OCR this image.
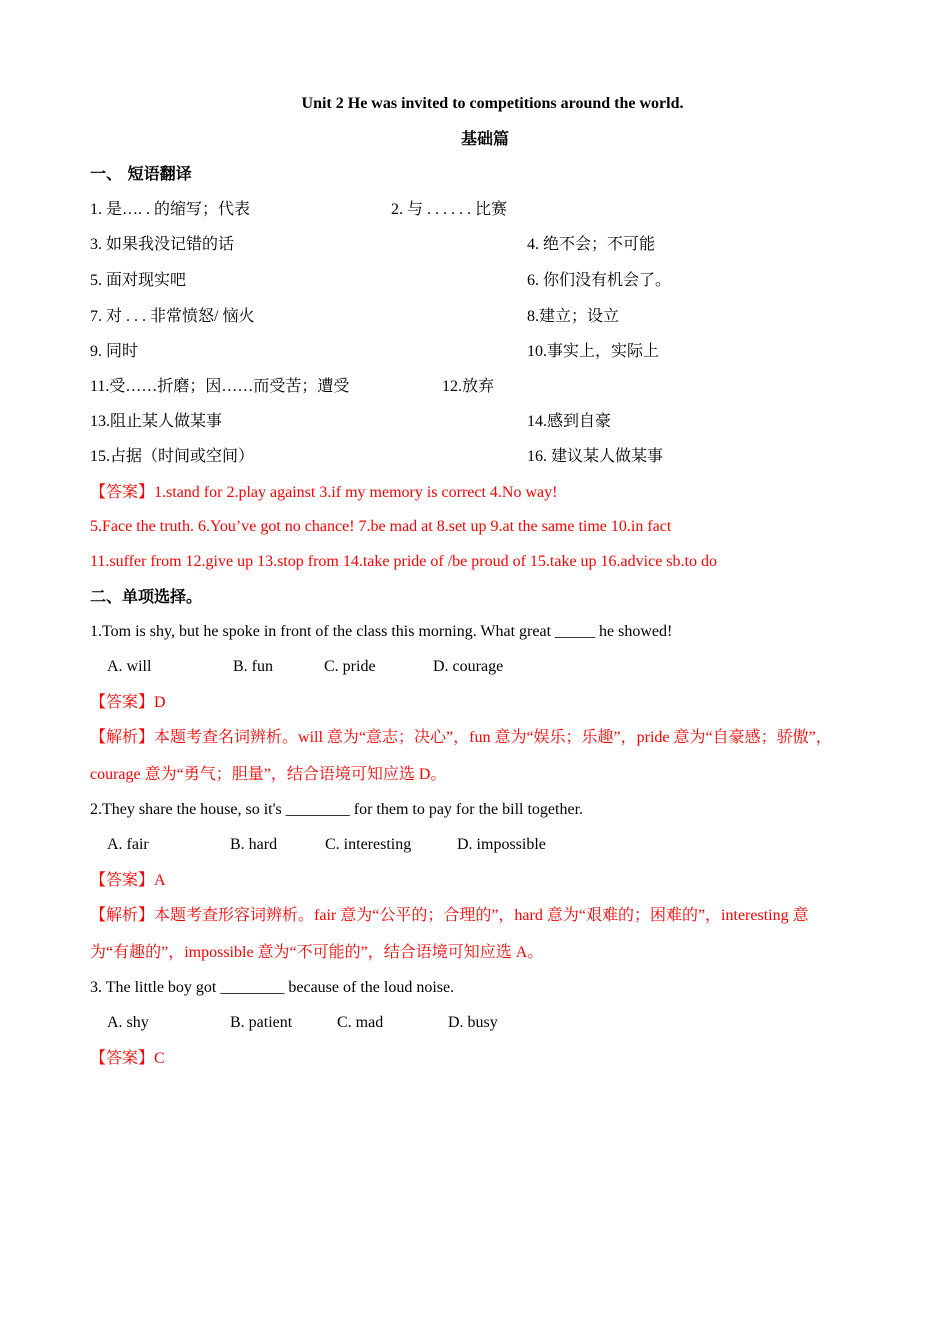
Unit 2 He was invited to competitions around the world.
基础篇
一、 短语翻译
1. 是…. . 的缩写；代表	2. 与 . . . . . . 比赛
3. 如果我没记错的话	4. 绝不会；不可能
5. 面对现实吧	6. 你们没有机会了。
7. 对 . . . 非常愤怒/ 恼火	8.建立；设立
9. 同时	10.事实上，实际上
11.受……折磨；因……而受苦；遭受	12.放弃
13.阻止某人做某事	14.感到自豪
15.占据（时间或空间）	16. 建议某人做某事
【答案】1.stand for 2.play against 3.if my memory is correct 4.No way!
5.Face the truth. 6.You’ve got no chance! 7.be mad at 8.set up 9.at the same time 10.in fact
11.suffer from 12.give up 13.stop from 14.take pride of /be proud of 15.take up 16.advice sb.to do
二、单项选择。
1.Tom is shy, but he spoke in front of the class this morning. What great _____ he showed!
A. will	B. fun	C. pride	D. courage
【答案】D
【解析】本题考查名词辨析。will 意为“意志；决心”，fun 意为“娱乐；乐趣”，pride 意为“自豪感；骄傲”，
courage 意为“勇气；胆量”，结合语境可知应选 D。
2.They share the house, so it's ________ for them to pay for the bill together.
A. fair	B. hard	C. interesting	D. impossible
【答案】A
【解析】本题考查形容词辨析。fair 意为“公平的；合理的”，hard 意为“艰难的；困难的”，interesting 意
为“有趣的”，impossible 意为“不可能的”，结合语境可知应选 A。
3. The little boy got ________ because of the loud noise.
A. shy	B. patient	C. mad	D. busy
【答案】C
